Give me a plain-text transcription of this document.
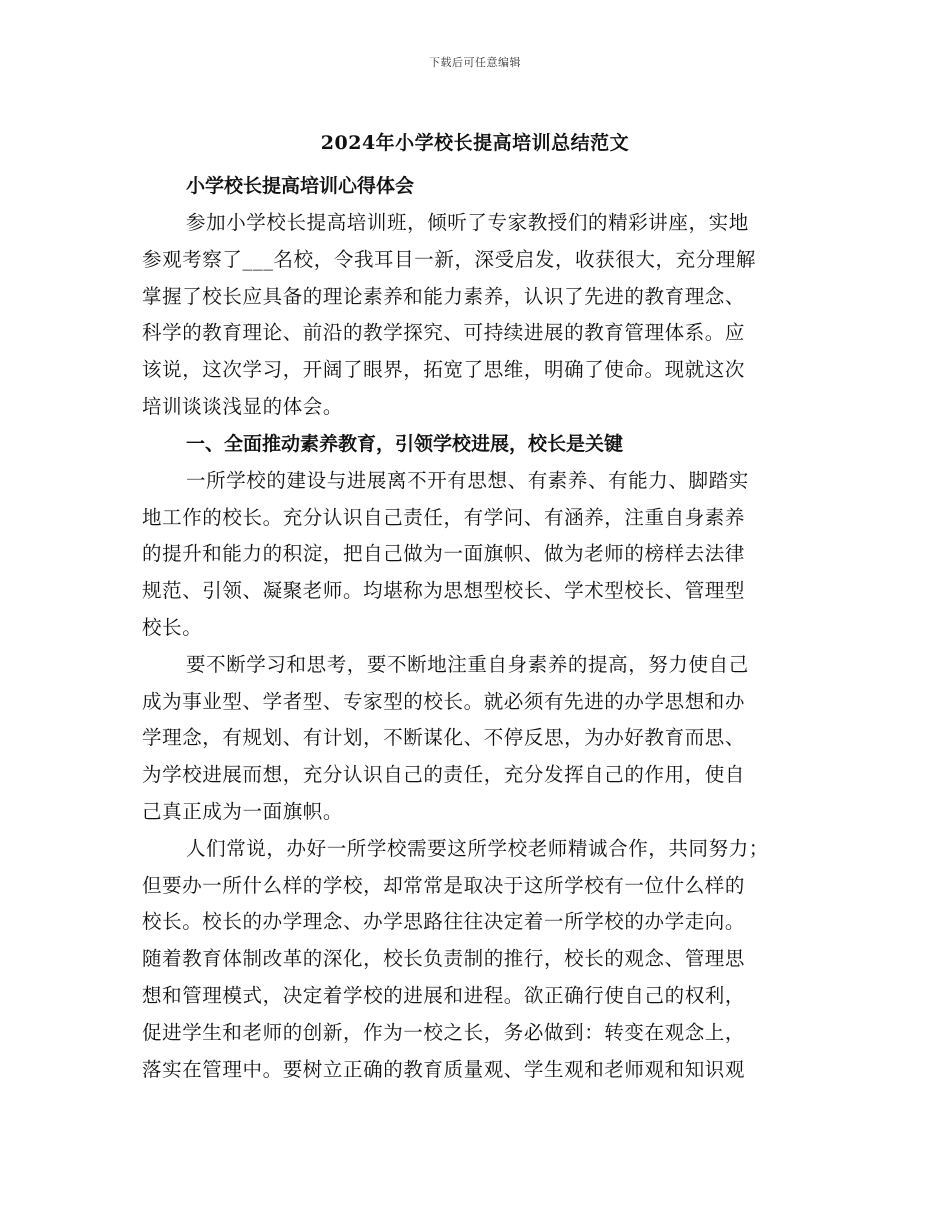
下载后可任意编辑
2024年小学校长提高培训总结范文

小学校长提高培训心得体会

参加小学校长提高培训班，倾听了专家教授们的精彩讲座，实地

参观考察了___名校，令我耳目一新，深受启发，收获很大，充分理解

掌握了校长应具备的理论素养和能力素养，认识了先进的教育理念、

科学的教育理论、前沿的教学探究、可持续进展的教育管理体系。应

该说，这次学习，开阔了眼界，拓宽了思维，明确了使命。现就这次

培训谈谈浅显的体会。

一、全面推动素养教育，引领学校进展，校长是关键

一所学校的建设与进展离不开有思想、有素养、有能力、脚踏实

地工作的校长。充分认识自己责任，有学问、有涵养，注重自身素养

的提升和能力的积淀，把自己做为一面旗帜、做为老师的榜样去法律

规范、引领、凝聚老师。均堪称为思想型校长、学术型校长、管理型

校长。

要不断学习和思考，要不断地注重自身素养的提高，努力使自己

成为事业型、学者型、专家型的校长。就必须有先进的办学思想和办

学理念，有规划、有计划，不断谋化、不停反思，为办好教育而思、

为学校进展而想，充分认识自己的责任，充分发挥自己的作用，使自

己真正成为一面旗帜。

人们常说，办好一所学校需要这所学校老师精诚合作，共同努力；

但要办一所什么样的学校，却常常是取决于这所学校有一位什么样的

校长。校长的办学理念、办学思路往往决定着一所学校的办学走向。

随着教育体制改革的深化，校长负责制的推行，校长的观念、管理思

想和管理模式，决定着学校的进展和进程。欲正确行使自己的权利，

促进学生和老师的创新，作为一校之长，务必做到：转变在观念上，

落实在管理中。要树立正确的教育质量观、学生观和老师观和知识观
